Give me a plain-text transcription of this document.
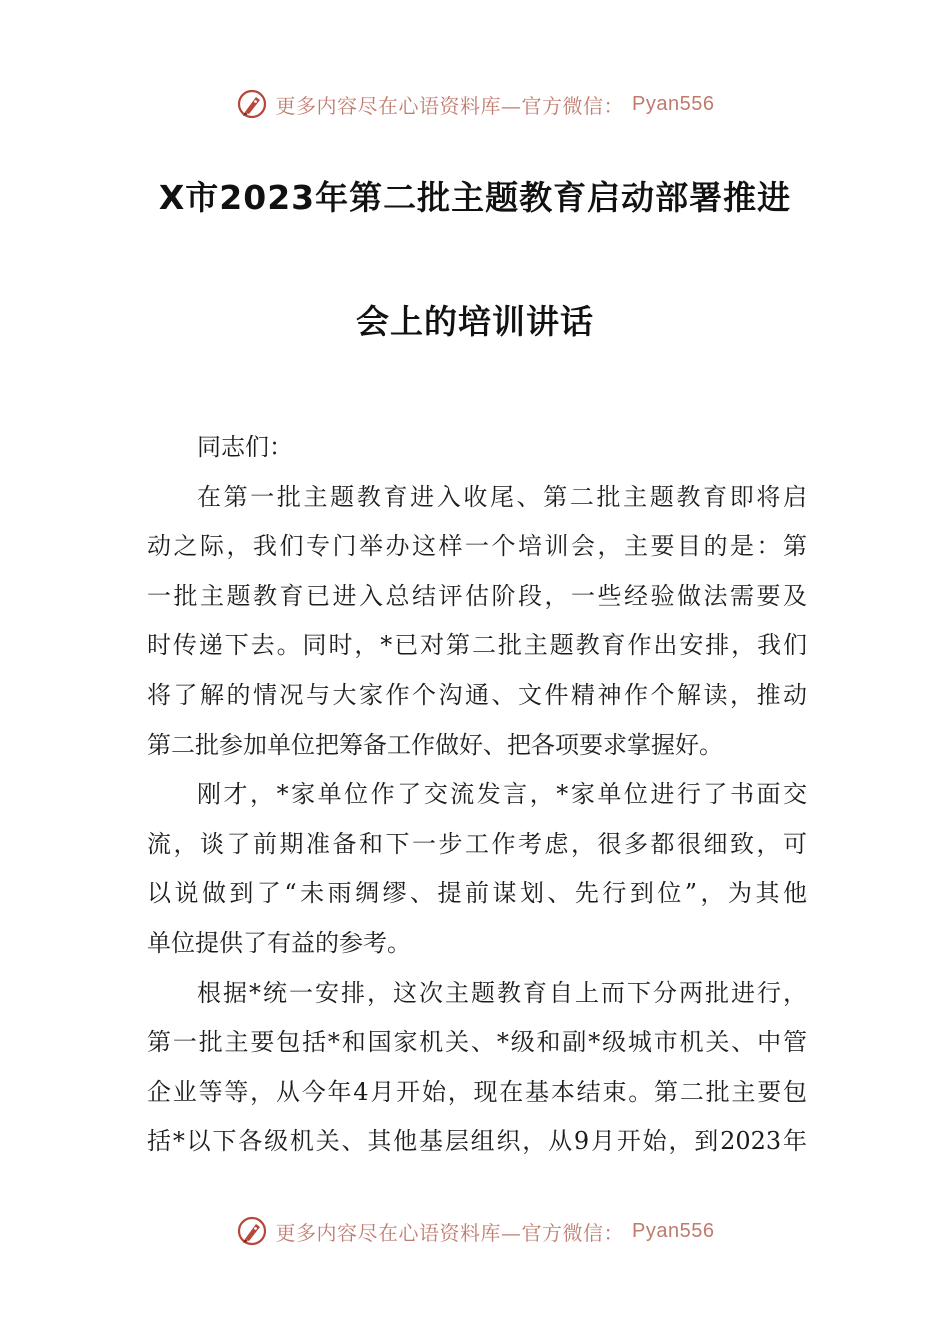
更多内容尽在心语资料库—官方微信： Pyan556
X市2023年第二批主题教育启动部署推进
会上的培训讲话
同志们：
在第一批主题教育进入收尾、第二批主题教育即将启
动之际，我们专门举办这样一个培训会，主要目的是：第
一批主题教育已进入总结评估阶段，一些经验做法需要及
时传递下去。同时，*已对第二批主题教育作出安排，我们
将了解的情况与大家作个沟通、文件精神作个解读，推动
第二批参加单位把筹备工作做好、把各项要求掌握好。
刚才，*家单位作了交流发言，*家单位进行了书面交
流，谈了前期准备和下一步工作考虑，很多都很细致，可
以说做到了“未雨绸缪、提前谋划、先行到位”，为其他
单位提供了有益的参考。
根据*统一安排，这次主题教育自上而下分两批进行，
第一批主要包括*和国家机关、*级和副*级城市机关、中管
企业等等，从今年4月开始，现在基本结束。第二批主要包
括*以下各级机关、其他基层组织，从9月开始，到2023年
更多内容尽在心语资料库—官方微信： Pyan556
